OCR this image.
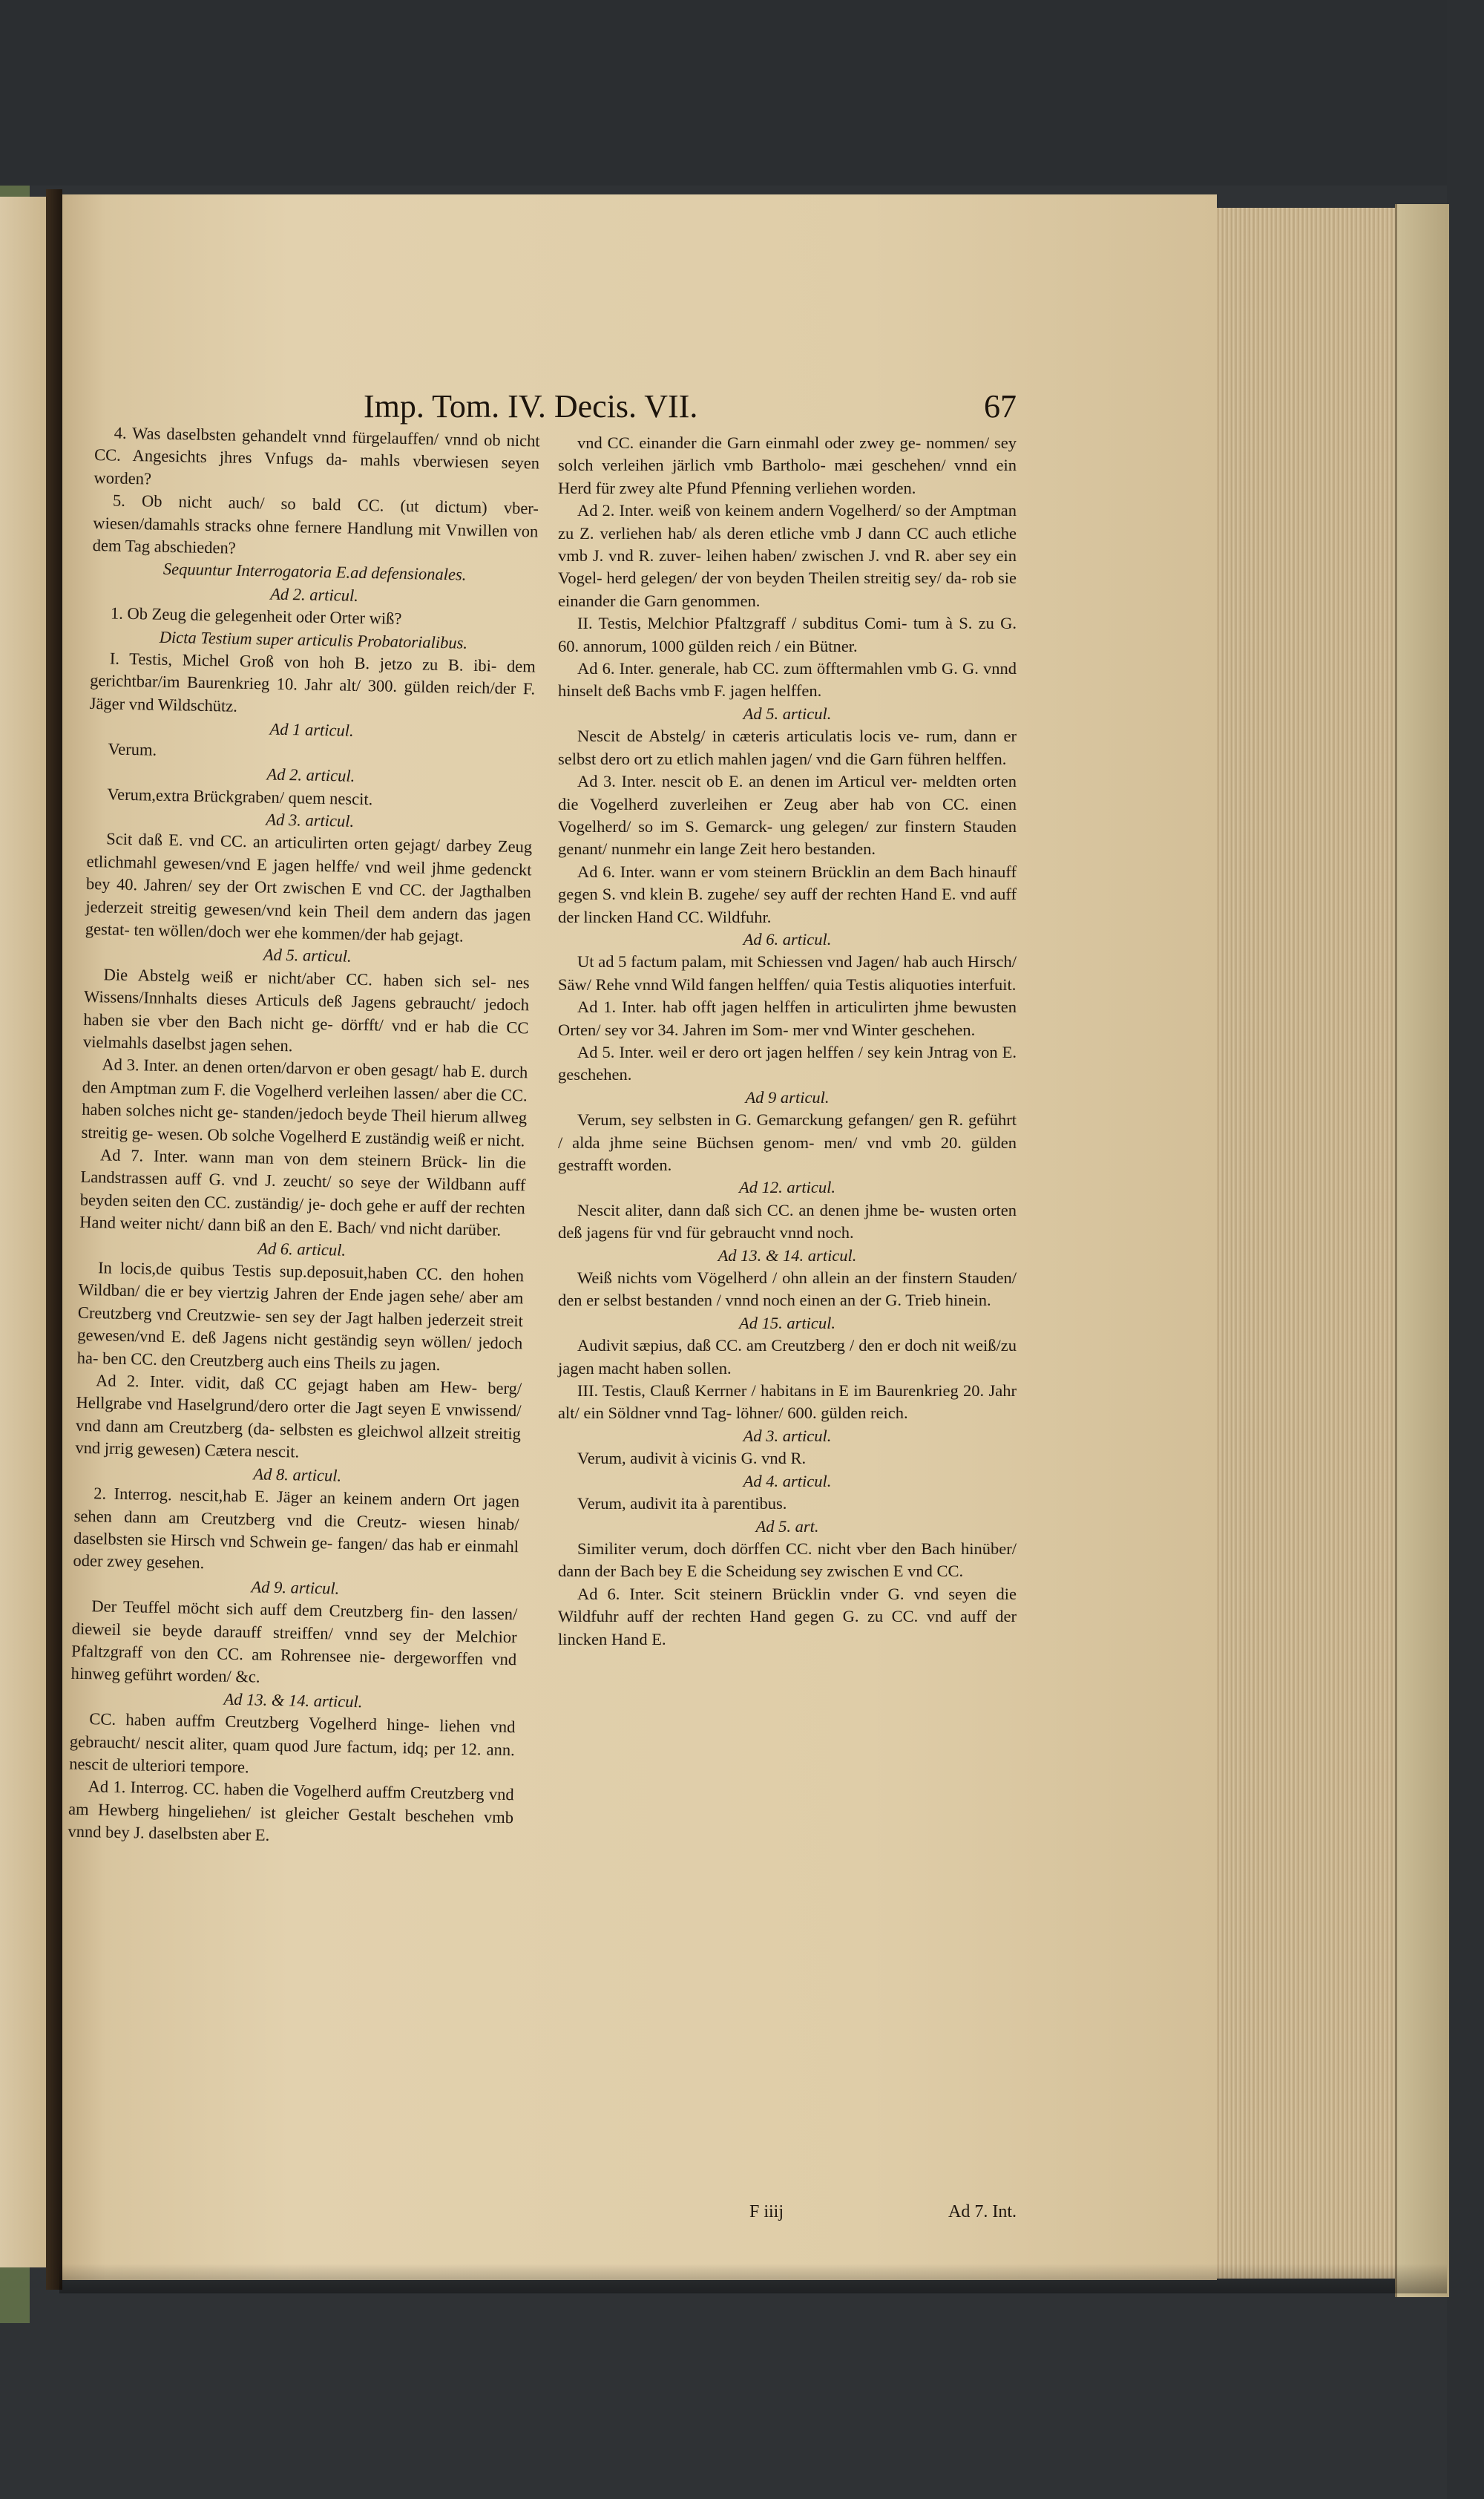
Imp. Tom. IV. Decis. VII.	67

4. Was daselbsten gehandelt vnnd fürgelauffen/ vnnd ob nicht CC. Angesichts jhres Vnfugs da- mahls vberwiesen seyen worden?

5. Ob nicht auch/ so bald CC. (ut dictum) vber- wiesen/damahls stracks ohne fernere Handlung mit Vnwillen von dem Tag abschieden?

Sequuntur Interrogatoria E.ad defensionales.

Ad 2. articul.

1. Ob Zeug die gelegenheit oder Orter wiß?

Dicta Testium super articulis Probatorialibus.

I. Testis, Michel Groß von hoh B. jetzo zu B. ibi- dem gerichtbar/im Baurenkrieg 10. Jahr alt/ 300. gülden reich/der F. Jäger vnd Wildschütz.

Ad 1 articul.

Verum.

Ad 2. articul.

Verum,extra Brückgraben/ quem nescit.

Ad 3. articul.

Scit daß E. vnd CC. an articulirten orten gejagt/ darbey Zeug etlichmahl gewesen/vnd E jagen helffe/ vnd weil jhme gedenckt bey 40. Jahren/ sey der Ort zwischen E vnd CC. der Jagthalben jederzeit streitig gewesen/vnd kein Theil dem andern das jagen gestat- ten wöllen/doch wer ehe kommen/der hab gejagt.

Ad 5. articul.

Die Abstelg weiß er nicht/aber CC. haben sich sel- nes Wissens/Innhalts dieses Articuls deß Jagens gebraucht/ jedoch haben sie vber den Bach nicht ge- dörfft/ vnd er hab die CC vielmahls daselbst jagen sehen.

Ad 3. Inter. an denen orten/darvon er oben gesagt/ hab E. durch den Amptman zum F. die Vogelherd verleihen lassen/ aber die CC. haben solches nicht ge- standen/jedoch beyde Theil hierum allweg streitig ge- wesen. Ob solche Vogelherd E zuständig weiß er nicht.

Ad 7. Inter. wann man von dem steinern Brück- lin die Landstrassen auff G. vnd J. zeucht/ so seye der Wildbann auff beyden seiten den CC. zuständig/ je- doch gehe er auff der rechten Hand weiter nicht/ dann biß an den E. Bach/ vnd nicht darüber.

Ad 6. articul.

In locis,de quibus Testis sup.deposuit,haben CC. den hohen Wildban/ die er bey viertzig Jahren der Ende jagen sehe/ aber am Creutzberg vnd Creutzwie- sen sey der Jagt halben jederzeit streit gewesen/vnd E. deß Jagens nicht geständig seyn wöllen/ jedoch ha- ben CC. den Creutzberg auch eins Theils zu jagen.

Ad 2. Inter. vidit, daß CC gejagt haben am Hew- berg/ Hellgrabe vnd Haselgrund/dero orter die Jagt seyen E vnwissend/ vnd dann am Creutzberg (da- selbsten es gleichwol allzeit streitig vnd jrrig gewesen) Cætera nescit.

Ad 8. articul.

2. Interrog. nescit,hab E. Jäger an keinem andern Ort jagen sehen dann am Creutzberg vnd die Creutz- wiesen hinab/ daselbsten sie Hirsch vnd Schwein ge- fangen/ das hab er einmahl oder zwey gesehen.

Ad 9. articul.

Der Teuffel möcht sich auff dem Creutzberg fin- den lassen/ dieweil sie beyde darauff streiffen/ vnnd sey der Melchior Pfaltzgraff von den CC. am Rohrensee nie- dergeworffen vnd hinweg geführt worden/ &c.

Ad 13. & 14. articul.

CC. haben auffm Creutzberg Vogelherd hinge- liehen vnd gebraucht/ nescit aliter, quam quod Jure factum, idq; per 12. ann. nescit de ulteriori tempore.

Ad 1. Interrog. CC. haben die Vogelherd auffm Creutzberg vnd am Hewberg hingeliehen/ ist gleicher Gestalt beschehen vmb vnnd bey J. daselbsten aber E.

vnd CC. einander die Garn einmahl oder zwey ge- nommen/ sey solch verleihen järlich vmb Bartholo- mæi geschehen/ vnnd ein Herd für zwey alte Pfund Pfenning verliehen worden.

Ad 2. Inter. weiß von keinem andern Vogelherd/ so der Amptman zu Z. verliehen hab/ als deren etliche vmb J dann CC auch etliche vmb J. vnd R. zuver- leihen haben/ zwischen J. vnd R. aber sey ein Vogel- herd gelegen/ der von beyden Theilen streitig sey/ da- rob sie einander die Garn genommen.

II. Testis, Melchior Pfaltzgraff / subditus Comi- tum à S. zu G. 60. annorum, 1000 gülden reich / ein Bütner.

Ad 6. Inter. generale, hab CC. zum öfftermahlen vmb G. G. vnnd hinselt deß Bachs vmb F. jagen helffen.

Ad 5. articul.

Nescit de Abstelg/ in cæteris articulatis locis ve- rum, dann er selbst dero ort zu etlich mahlen jagen/ vnd die Garn führen helffen.

Ad 3. Inter. nescit ob E. an denen im Articul ver- meldten orten die Vogelherd zuverleihen er Zeug aber hab von CC. einen Vogelherd/ so im S. Gemarck- ung gelegen/ zur finstern Stauden genant/ nunmehr ein lange Zeit hero bestanden.

Ad 6. Inter. wann er vom steinern Brücklin an dem Bach hinauff gegen S. vnd klein B. zugehe/ sey auff der rechten Hand E. vnd auff der lincken Hand CC. Wildfuhr.

Ad 6. articul.

Ut ad 5 factum palam, mit Schiessen vnd Jagen/ hab auch Hirsch/ Säw/ Rehe vnnd Wild fangen helffen/ quia Testis aliquoties interfuit.

Ad 1. Inter. hab offt jagen helffen in articulirten jhme bewusten Orten/ sey vor 34. Jahren im Som- mer vnd Winter geschehen.

Ad 5. Inter. weil er dero ort jagen helffen / sey kein Jntrag von E. geschehen.

Ad 9 articul.

Verum, sey selbsten in G. Gemarckung gefangen/ gen R. geführt / alda jhme seine Büchsen genom- men/ vnd vmb 20. gülden gestrafft worden.

Ad 12. articul.

Nescit aliter, dann daß sich CC. an denen jhme be- wusten orten deß jagens für vnd für gebraucht vnnd noch.

Ad 13. & 14. articul.

Weiß nichts vom Vögelherd / ohn allein an der finstern Stauden/ den er selbst bestanden / vnnd noch einen an der G. Trieb hinein.

Ad 15. articul.

Audivit sæpius, daß CC. am Creutzberg / den er doch nit weiß/zu jagen macht haben sollen.

III. Testis, Clauß Kerrner / habitans in E im Baurenkrieg 20. Jahr alt/ ein Söldner vnnd Tag- löhner/ 600. gülden reich.

Ad 3. articul.

Verum, audivit à vicinis G. vnd R.

Ad 4. articul.

Verum, audivit ita à parentibus.

Ad 5. art.

Similiter verum, doch dörffen CC. nicht vber den Bach hinüber/ dann der Bach bey E die Scheidung sey zwischen E vnd CC.

Ad 6. Inter. Scit steinern Brücklin vnder G. vnd seyen die Wildfuhr auff der rechten Hand gegen G. zu CC. vnd auff der lincken Hand E.

F iiij	Ad 7. Int.
